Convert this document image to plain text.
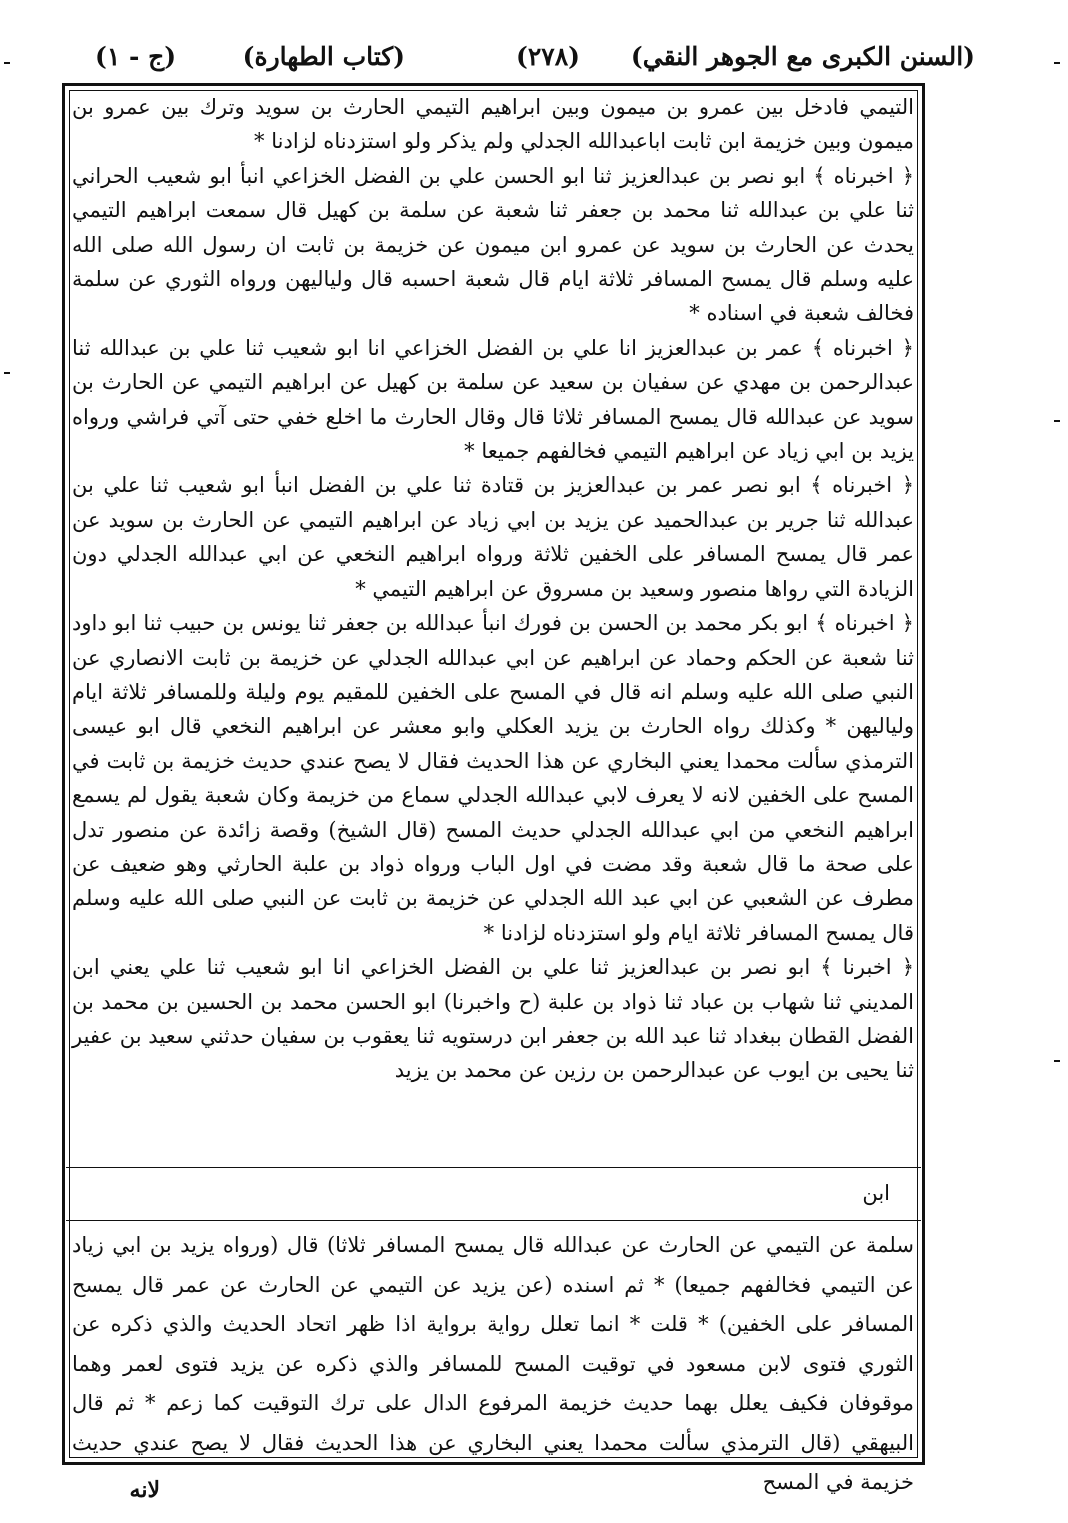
(السنن الكبرى مع الجوهر النقي)
(۲۷۸)
(كتاب الطهارة)
(ج - ۱)

التيمي فادخل بين عمرو بن ميمون وبين ابراهيم التيمي الحارث بن سويد وترك بين عمرو بن ميمون وبين خزيمة ابن ثابت اباعبدالله الجدلي ولم يذكر ولو استزدناه لزادنا *

﴿ اخبرناه ﴾ ابو نصر بن عبدالعزيز ثنا ابو الحسن علي بن الفضل الخزاعي انبأ ابو شعيب الحراني ثنا علي بن عبدالله ثنا محمد بن جعفر ثنا شعبة عن سلمة بن كهيل قال سمعت ابراهيم التيمي يحدث عن الحارث بن سويد عن عمرو ابن ميمون عن خزيمة بن ثابت ان رسول الله صلى الله عليه وسلم قال يمسح المسافر ثلاثة ايام قال شعبة احسبه قال ولياليهن ورواه الثوري عن سلمة فخالف شعبة في اسناده *

﴿ اخبرناه ﴾ عمر بن عبدالعزيز انا علي بن الفضل الخزاعي انا ابو شعيب ثنا علي بن عبدالله ثنا عبدالرحمن بن مهدي عن سفيان بن سعيد عن سلمة بن كهيل عن ابراهيم التيمي عن الحارث بن سويد عن عبدالله قال يمسح المسافر ثلاثا قال وقال الحارث ما اخلع خفي حتى آتي فراشي ورواه يزيد بن ابي زياد عن ابراهيم التيمي فخالفهم جميعا *

﴿ اخبرناه ﴾ ابو نصر عمر بن عبدالعزيز بن قتادة ثنا علي بن الفضل انبأ ابو شعيب ثنا علي بن عبدالله ثنا جرير بن عبدالحميد عن يزيد بن ابي زياد عن ابراهيم التيمي عن الحارث بن سويد عن عمر قال يمسح المسافر على الخفين ثلاثة ورواه ابراهيم النخعي عن ابي عبدالله الجدلي دون الزيادة التي رواها منصور وسعيد بن مسروق عن ابراهيم التيمي *

﴿ اخبرناه ﴾ ابو بكر محمد بن الحسن بن فورك انبأ عبدالله بن جعفر ثنا يونس بن حبيب ثنا ابو داود ثنا شعبة عن الحكم وحماد عن ابراهيم عن ابي عبدالله الجدلي عن خزيمة بن ثابت الانصاري عن النبي صلى الله عليه وسلم انه قال في المسح على الخفين للمقيم يوم وليلة وللمسافر ثلاثة ايام ولياليهن * وكذلك رواه الحارث بن يزيد العكلي وابو معشر عن ابراهيم النخعي قال ابو عيسى الترمذي سألت محمدا يعني البخاري عن هذا الحديث فقال لا يصح عندي حديث خزيمة بن ثابت في المسح على الخفين لانه لا يعرف لابي عبدالله الجدلي سماع من خزيمة وكان شعبة يقول لم يسمع ابراهيم النخعي من ابي عبدالله الجدلي حديث المسح (قال الشيخ) وقصة زائدة عن منصور تدل على صحة ما قال شعبة وقد مضت في اول الباب ورواه ذواد بن علبة الحارثي وهو ضعيف عن مطرف عن الشعبي عن ابي عبد الله الجدلي عن خزيمة بن ثابت عن النبي صلى الله عليه وسلم قال يمسح المسافر ثلاثة ايام ولو استزدناه لزادنا *

﴿ اخبرنا ﴾ ابو نصر بن عبدالعزيز ثنا علي بن الفضل الخزاعي انا ابو شعيب ثنا علي يعني ابن المديني ثنا شهاب بن عباد ثنا ذواد بن علبة (ح واخبرنا) ابو الحسن محمد بن الحسين بن محمد بن الفضل القطان ببغداد ثنا عبد الله بن جعفر ابن درستويه ثنا يعقوب بن سفيان حدثني سعيد بن عفير ثنا يحيى بن ايوب عن عبدالرحمن بن رزين عن محمد بن يزيد

ابن

سلمة عن التيمي عن الحارث عن عبدالله قال يمسح المسافر ثلاثا) قال (ورواه يزيد بن ابي زياد عن التيمي فخالفهم جميعا) * ثم اسنده (عن يزيد عن التيمي عن الحارث عن عمر قال يمسح المسافر على الخفين) * قلت * انما تعلل رواية برواية اذا ظهر اتحاد الحديث والذي ذكره عن الثوري فتوى لابن مسعود في توقيت المسح للمسافر والذي ذكره عن يزيد فتوى لعمر وهما موقوفان فكيف يعلل بهما حديث خزيمة المرفوع الدال على ترك التوقيت كما زعم * ثم قال البيهقي (قال الترمذي سألت محمدا يعني البخاري عن هذا الحديث فقال لا يصح عندي حديث خزيمة في المسح

لانه
